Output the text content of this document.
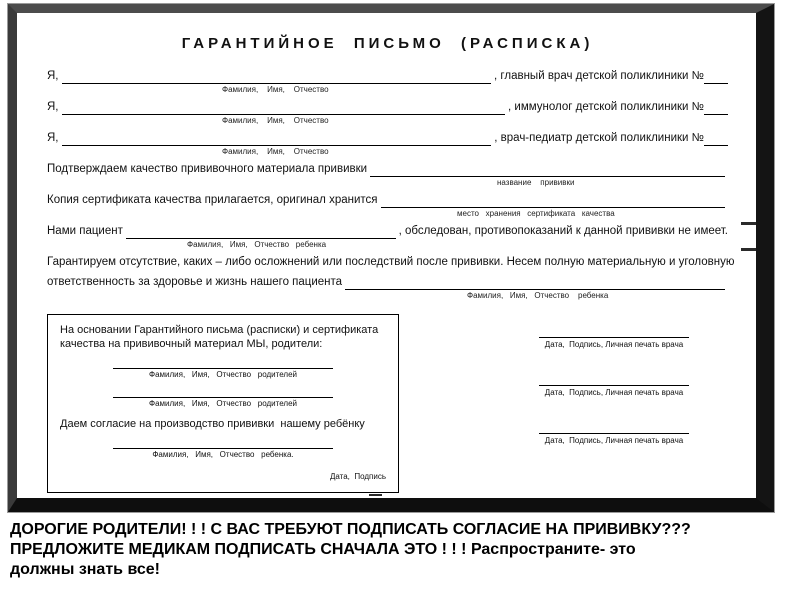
ГАРАНТИЙНОЕ ПИСЬМО (РАСПИСКА)
Я,	, главный врач детской поликлиники №
Фамилия,    Имя,    Отчество
Я,	, иммунолог детской поликлиники №
Фамилия,    Имя,    Отчество
Я,	, врач-педиатр детской поликлиники №
Фамилия,    Имя,    Отчество
Подтверждаем качество прививочного материала прививки
название    прививки
Копия сертификата качества прилагается, оригинал хранится
место   хранения   сертификата   качества
Нами пациент	, обследован, противопоказаний к данной прививки не имеет.
Фамилия,   Имя,   Отчество   ребенка
Гарантируем отсутствие, каких – либо осложнений или последствий после прививки. Несем полную материальную и уголовную
ответственность за здоровье и жизнь нашего пациента
Фамилия,   Имя,   Отчество    ребенка
На основании Гарантийного письма (расписки) и сертификата качества на прививочный материал МЫ, родители:
Фамилия,   Имя,   Отчество   родителей
Фамилия,   Имя,   Отчество   родителей
Даем согласие на производство прививки  нашему ребёнку
Фамилия,   Имя,   Отчество   ребенка.
Дата,  Подпись
Дата,  Подпись, Личная печать врача
Дата,  Подпись, Личная печать врача
Дата,  Подпись, Личная печать врача
ДОРОГИЕ РОДИТЕЛИ! ! ! С ВАС ТРЕБУЮТ ПОДПИСАТЬ СОГЛАСИЕ НА ПРИВИВКУ???
ПРЕДЛОЖИТЕ МЕДИКАМ ПОДПИСАТЬ СНАЧАЛА ЭТО ! ! ! Распространите- это
должны знать все!
